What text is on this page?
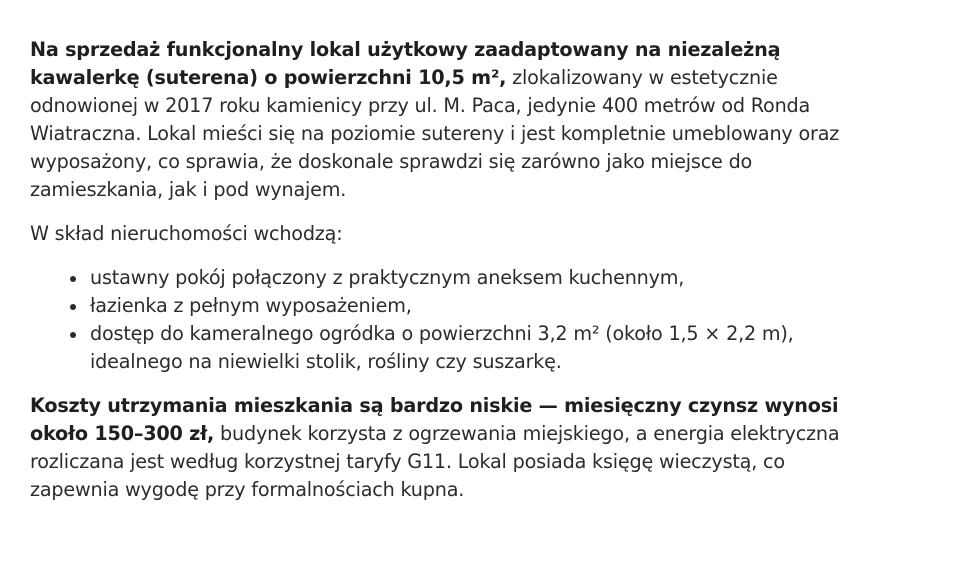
Na sprzedaż funkcjonalny lokal użytkowy zaadaptowany na niezależną kawalerkę (suterena) o powierzchni 10,5 m², zlokalizowany w estetycznie odnowionej w 2017 roku kamienicy przy ul. M. Paca, jedynie 400 metrów od Ronda Wiatraczna. Lokal mieści się na poziomie sutereny i jest kompletnie umeblowany oraz wyposażony, co sprawia, że doskonale sprawdzi się zarówno jako miejsce do zamieszkania, jak i pod wynajem.

W skład nieruchomości wchodzą:

ustawny pokój połączony z praktycznym aneksem kuchennym,
łazienka z pełnym wyposażeniem,
dostęp do kameralnego ogródka o powierzchni 3,2 m² (około 1,5 × 2,2 m), idealnego na niewielki stolik, rośliny czy suszarkę.

Koszty utrzymania mieszkania są bardzo niskie — miesięczny czynsz wynosi około 150–300 zł, budynek korzysta z ogrzewania miejskiego, a energia elektryczna rozliczana jest według korzystnej taryfy G11. Lokal posiada księgę wieczystą, co zapewnia wygodę przy formalnościach kupna.
